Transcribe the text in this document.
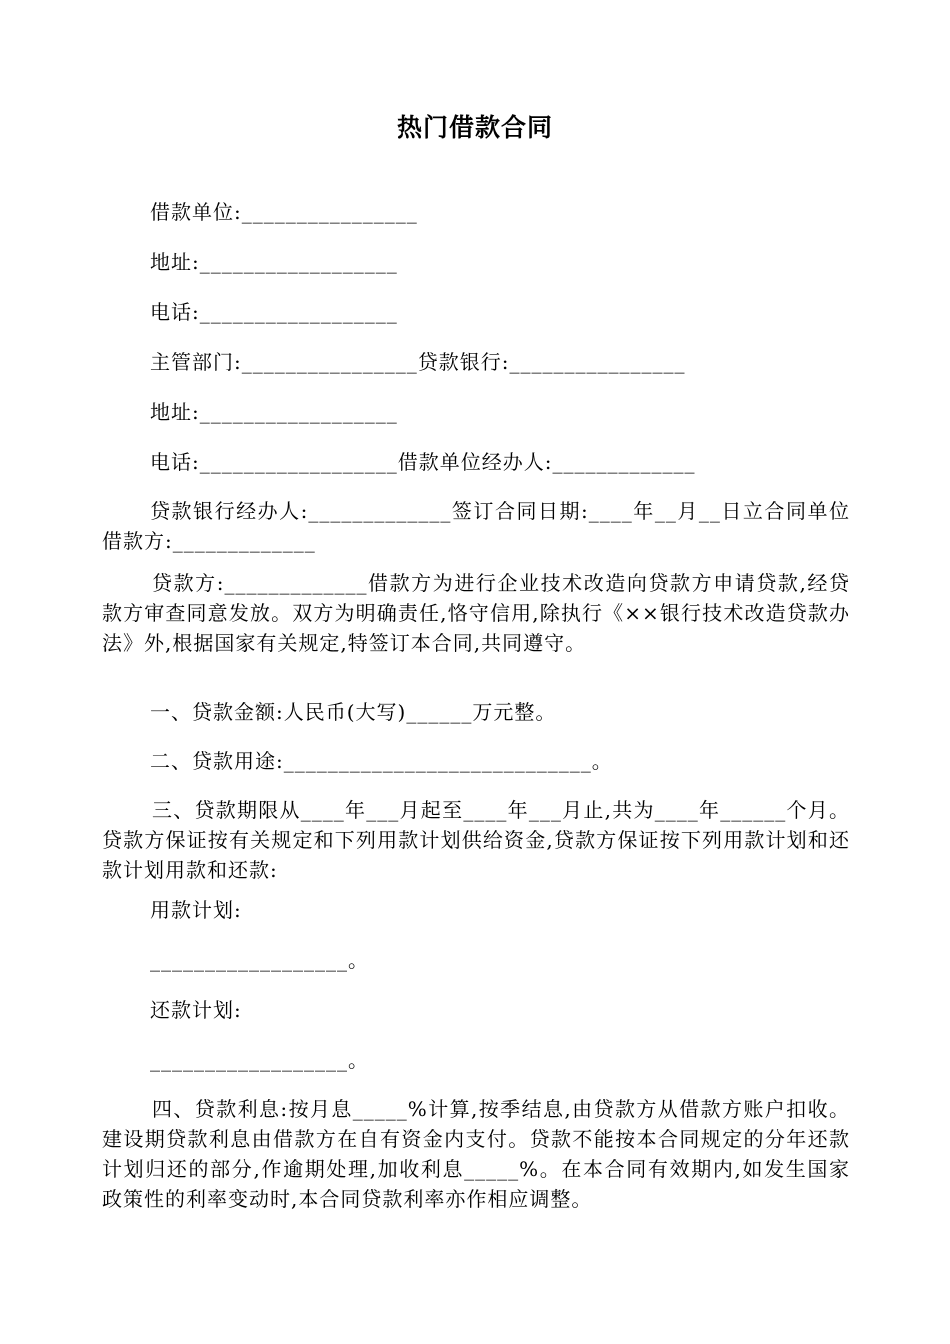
热门借款合同
借款单位:________________
地址:__________________
电话:__________________
主管部门:________________贷款银行:________________
地址:__________________
电话:__________________借款单位经办人:_____________

贷款银行经办人:_____________签订合同日期:____年__月__日立合同单位借款方:_____________

贷款方:_____________借款方为进行企业技术改造向贷款方申请贷款,经贷款方审查同意发放。双方为明确责任,恪守信用,除执行《××银行技术改造贷款办法》外,根据国家有关规定,特签订本合同,共同遵守。

一、贷款金额:人民币(大写)______万元整。
二、贷款用途:____________________________。

三、贷款期限从____年___月起至____年___月止,共为____年______个月。贷款方保证按有关规定和下列用款计划供给资金,贷款方保证按下列用款计划和还款计划用款和还款:

用款计划:
__________________。
还款计划:
__________________。

四、贷款利息:按月息_____%计算,按季结息,由贷款方从借款方账户扣收。建设期贷款利息由借款方在自有资金内支付。贷款不能按本合同规定的分年还款计划归还的部分,作逾期处理,加收利息_____%。在本合同有效期内,如发生国家政策性的利率变动时,本合同贷款利率亦作相应调整。
